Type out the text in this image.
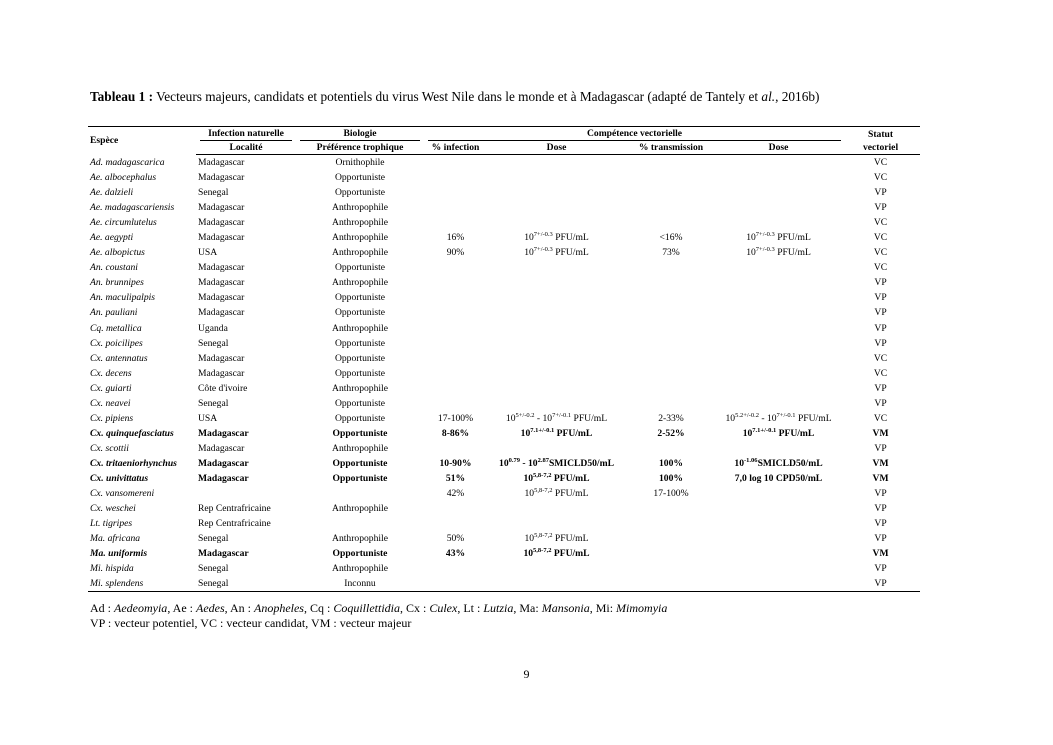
Tableau 1 : Vecteurs majeurs, candidats et potentiels du virus West Nile dans le monde et à Madagascar (adapté de Tantely et al., 2016b)
Espèce	Infection naturelle	Biologie	Compétence vectorielle				Statut
	Localité	Préférence trophique	% infection	Dose	% transmission	Dose	vectoriel
Ad. madagascarica	Madagascar	Ornithophile					VC
Ae. albocephalus	Madagascar	Opportuniste					VC
Ae. dalzieli	Senegal	Opportuniste					VP
Ae. madagascariensis	Madagascar	Anthropophile					VP
Ae. circumlutelus	Madagascar	Anthropophile					VC
Ae. aegypti	Madagascar	Anthropophile	16%	$10^{7+/-0.3}$ PFU/mL	<16%	$10^{7+/-0.3}$ PFU/mL	VC
Ae. albopictus	USA	Anthropophile	90%	$10^{7+/-0.3}$ PFU/mL	73%	$10^{7+/-0.3}$ PFU/mL	VC
An. coustani	Madagascar	Opportuniste					VC
An. brunnipes	Madagascar	Anthropophile					VP
An. maculipalpis	Madagascar	Opportuniste					VP
An. pauliani	Madagascar	Opportuniste					VP
Cq. metallica	Uganda	Anthropophile					VP
Cx. poicilipes	Senegal	Opportuniste					VP
Cx. antennatus	Madagascar	Opportuniste					VC
Cx. decens	Madagascar	Opportuniste					VC
Cx. guiarti	Côte d'ivoire	Anthropophile					VP
Cx. neavei	Senegal	Opportuniste					VP
Cx. pipiens	USA	Opportuniste	17-100%	$10^{5+/-0.2} - 10^{7+/-0.1}$ PFU/mL	2-33%	$10^{5.2+/-0.2} - 10^{7+/-0.1}$ PFU/mL	VC
Cx. quinquefasciatus	Madagascar	Opportuniste	8-86%	$10^{7.1+/-0.1}$ PFU/mL	2-52%	$10^{7.1+/-0.1}$ PFU/mL	VM
Cx. scottii	Madagascar	Anthropophile					VP
Cx. tritaeniorhynchus	Madagascar	Opportuniste	10-90%	$10^{0.79}$ - $10^{2.87}SMICLD50/mL$	100%	$10^{-1.06}SMICLD50/mL$	VM
Cx. univittatus	Madagascar	Opportuniste	51%	10$^{5,8-7,2}$ PFU/mL	100%	7,0 log 10 CPD50/mL	VM
Cx. vansomereni			42%	10$^{5,8-7,2}$ PFU/mL	17-100%		VP
Cx. weschei	Rep Centrafricaine	Anthropophile					VP
Lt. tigripes	Rep Centrafricaine						VP
Ma. africana	Senegal	Anthropophile	50%	10$^{5,8-7,2}$ PFU/mL			VP
Ma. uniformis	Madagascar	Opportuniste	43%	10$^{5,8-7,2}$ PFU/mL			VM
Mi. hispida	Senegal	Anthropophile					VP
Mi. splendens	Senegal	Inconnu					VP
Ad : Aedeomyia, Ae : Aedes, An : Anopheles, Cq : Coquillettidia, Cx : Culex, Lt : Lutzia, Ma: Mansonia, Mi: Mimomyia
VP : vecteur potentiel, VC : vecteur candidat, VM : vecteur majeur
9
